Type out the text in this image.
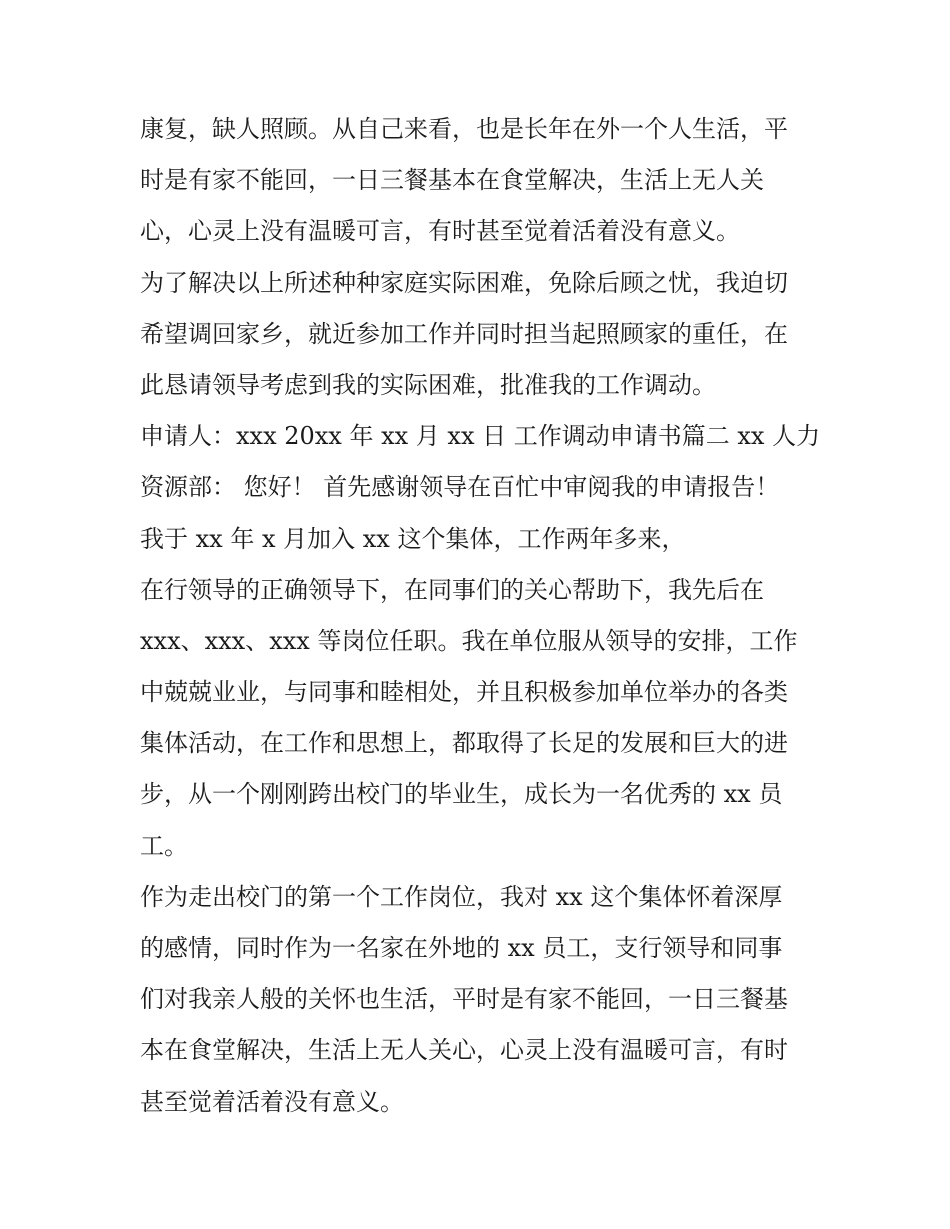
康复，缺人照顾。从自己来看，也是长年在外一个人生活，平
时是有家不能回，一日三餐基本在食堂解决，生活上无人关
心，心灵上没有温暖可言，有时甚至觉着活着没有意义。
为了解决以上所述种种家庭实际困难，免除后顾之忧，我迫切
希望调回家乡，就近参加工作并同时担当起照顾家的重任，在
此恳请领导考虑到我的实际困难，批准我的工作调动。
申请人：xxx 20xx 年 xx 月 xx 日 工作调动申请书篇二 xx 人力
资源部： 您好！ 首先感谢领导在百忙中审阅我的申请报告！
我于 xx 年 x 月加入 xx 这个集体，工作两年多来，
在行领导的正确领导下，在同事们的关心帮助下，我先后在
xxx、xxx、xxx 等岗位任职。我在单位服从领导的安排，工作
中兢兢业业，与同事和睦相处，并且积极参加单位举办的各类
集体活动，在工作和思想上，都取得了长足的发展和巨大的进
步，从一个刚刚跨出校门的毕业生，成长为一名优秀的 xx 员
工。
作为走出校门的第一个工作岗位，我对 xx 这个集体怀着深厚
的感情，同时作为一名家在外地的 xx 员工，支行领导和同事
们对我亲人般的关怀也生活，平时是有家不能回，一日三餐基
本在食堂解决，生活上无人关心，心灵上没有温暖可言，有时
甚至觉着活着没有意义。
